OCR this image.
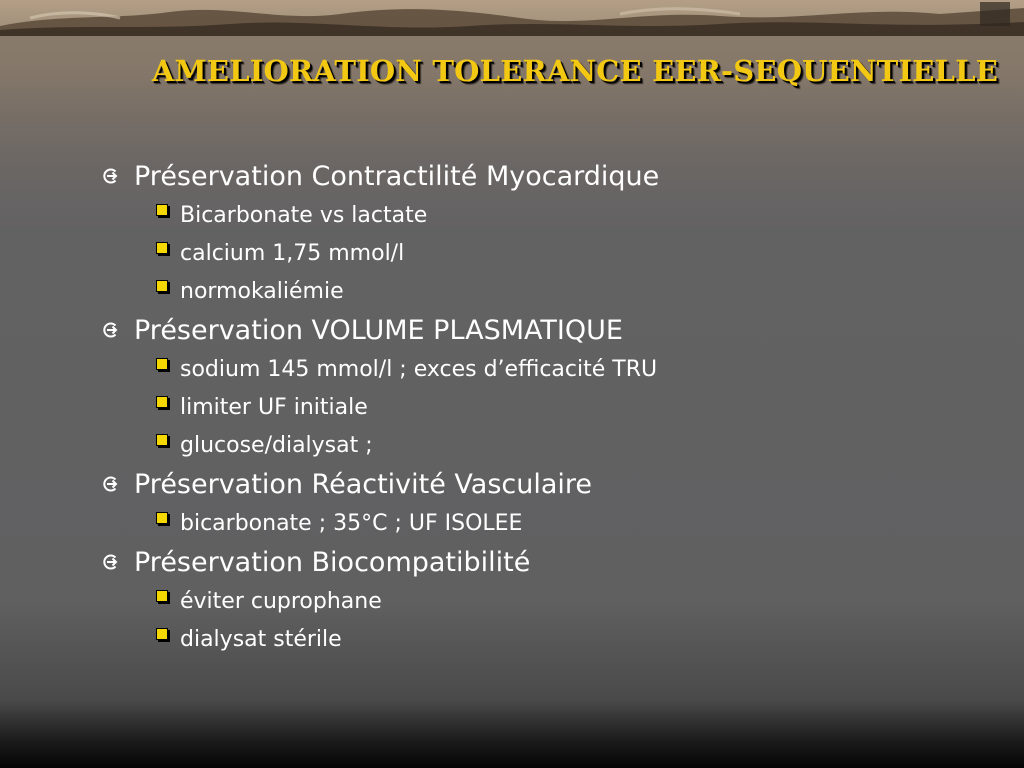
AMELIORATION TOLERANCE EER-SEQUENTIELLE
Préservation Contractilité Myocardique
Bicarbonate vs lactate
calcium 1,75 mmol/l
normokaliémie
Préservation VOLUME PLASMATIQUE
sodium 145 mmol/l ; exces d’efficacité TRU
limiter UF initiale
glucose/dialysat ;
Préservation Réactivité Vasculaire
bicarbonate ; 35°C ; UF ISOLEE
Préservation Biocompatibilité
éviter cuprophane
dialysat stérile
